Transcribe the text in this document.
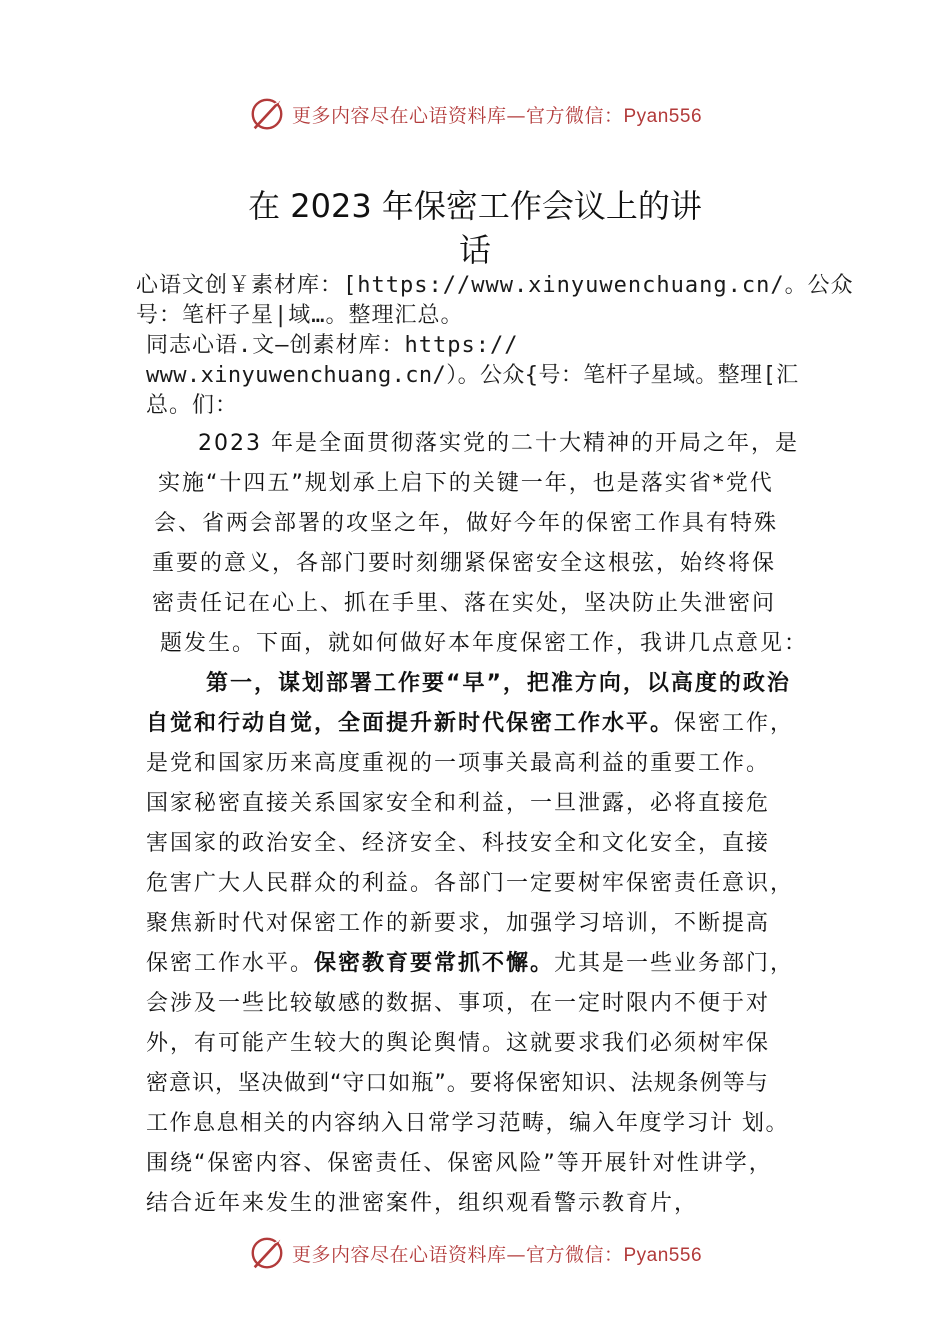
更多内容尽在心语资料库—官方微信：Pyan556
在 2023 年保密工作会议上的讲
话
心语文创￥素材库：[https://www.xinyuwenchuang.cn/。公众
号：笔杆子星|域…。整理汇总。
同志心语.文—创素材库：https://
www.xinyuwenchuang.cn/）。公众{号：笔杆子星域。整理[汇
总。们：
2023 年是全面贯彻落实党的二十大精神的开局之年，是
实施“十四五”规划承上启下的关键一年，也是落实省*党代
会、省两会部署的攻坚之年，做好今年的保密工作具有特殊
重要的意义，各部门要时刻绷紧保密安全这根弦，始终将保
密责任记在心上、抓在手里、落在实处，坚决防止失泄密问
题发生。下面，就如何做好本年度保密工作，我讲几点意见：
第一，谋划部署工作要“早”，把准方向，以高度的政治
自觉和行动自觉，全面提升新时代保密工作水平。保密工作，
是党和国家历来高度重视的一项事关最高利益的重要工作。
国家秘密直接关系国家安全和利益，一旦泄露，必将直接危
害国家的政治安全、经济安全、科技安全和文化安全，直接
危害广大人民群众的利益。各部门一定要树牢保密责任意识，
聚焦新时代对保密工作的新要求，加强学习培训，不断提高
保密工作水平。保密教育要常抓不懈。尤其是一些业务部门，
会涉及一些比较敏感的数据、事项，在一定时限内不便于对
外，有可能产生较大的舆论舆情。这就要求我们必须树牢保
密意识，坚决做到“守口如瓶”。要将保密知识、法规条例等与
工作息息相关的内容纳入日常学习范畴，编入年度学习计 划。
围绕“保密内容、保密责任、保密风险”等开展针对性讲学，
结合近年来发生的泄密案件，组织观看警示教育片，
更多内容尽在心语资料库—官方微信：Pyan556
